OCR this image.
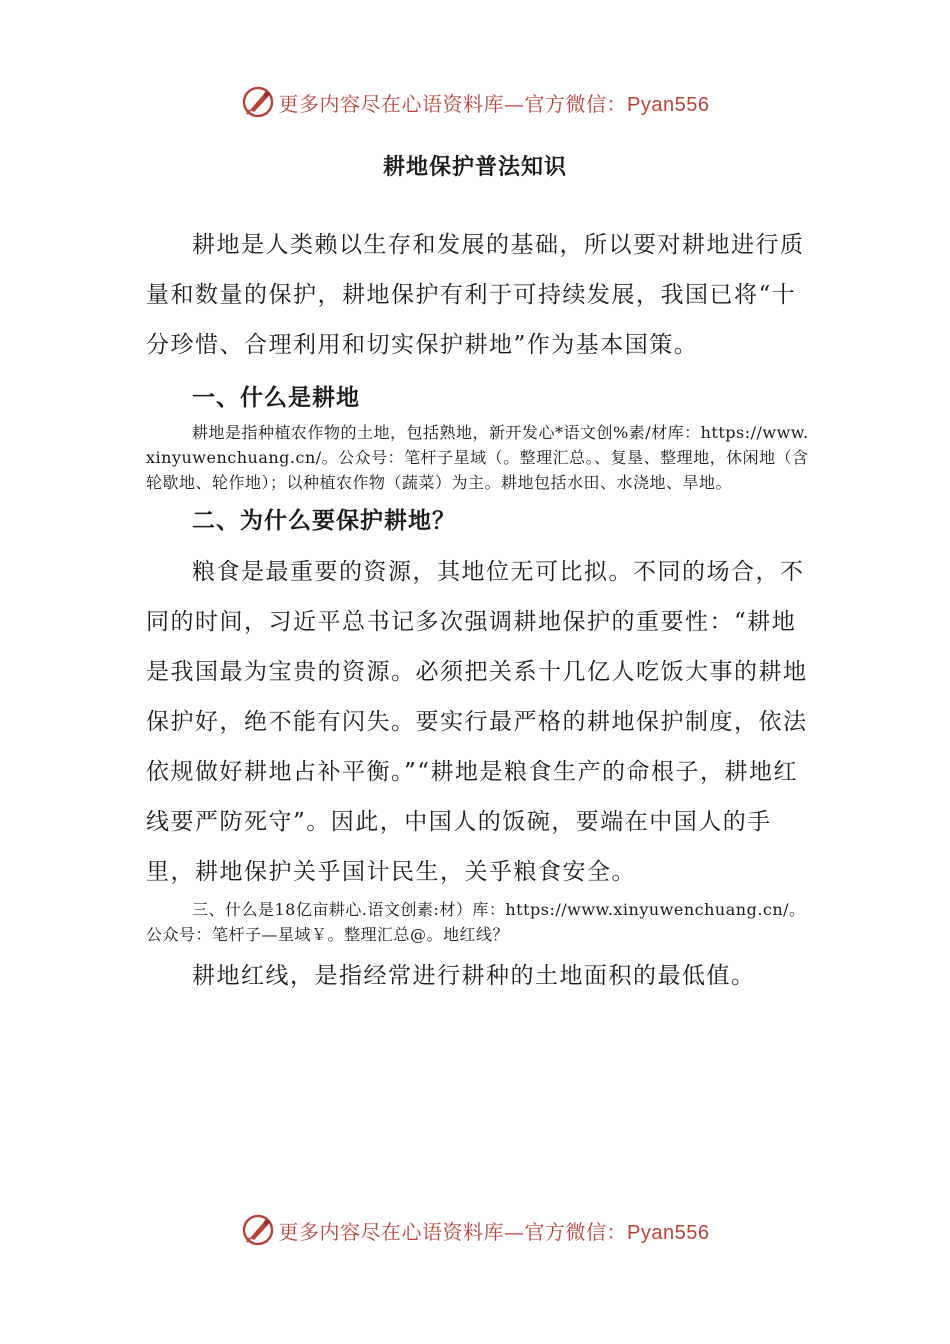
更多内容尽在心语资料库—官方微信：Pyan556
耕地保护普法知识

耕地是人类赖以生存和发展的基础，所以要对耕地进行质量和数量的保护，耕地保护有利于可持续发展，我国已将“十分珍惜、合理利用和切实保护耕地”作为基本国策。

一、什么是耕地

耕地是指种植农作物的土地，包括熟地，新开发心*语文创%素/材库：https://www.xinyuwenchuang.cn/。公众号：笔杆子星域（。整理汇总。、复垦、整理地，休闲地（含轮歇地、轮作地）；以种植农作物（蔬菜）为主。耕地包括水田、水浇地、旱地。

二、为什么要保护耕地？

粮食是最重要的资源，其地位无可比拟。不同的场合，不同的时间，习近平总书记多次强调耕地保护的重要性：“耕地是我国最为宝贵的资源。必须把关系十几亿人吃饭大事的耕地保护好，绝不能有闪失。要实行最严格的耕地保护制度，依法依规做好耕地占补平衡。”“耕地是粮食生产的命根子，耕地红线要严防死守”。因此，中国人的饭碗，要端在中国人的手里，耕地保护关乎国计民生，关乎粮食安全。

三、什么是18亿亩耕心.语文创素:材）库：https://www.xinyuwenchuang.cn/。公众号：笔杆子—星域￥。整理汇总@。地红线？

耕地红线，是指经常进行耕种的土地面积的最低值。

更多内容尽在心语资料库—官方微信：Pyan556
